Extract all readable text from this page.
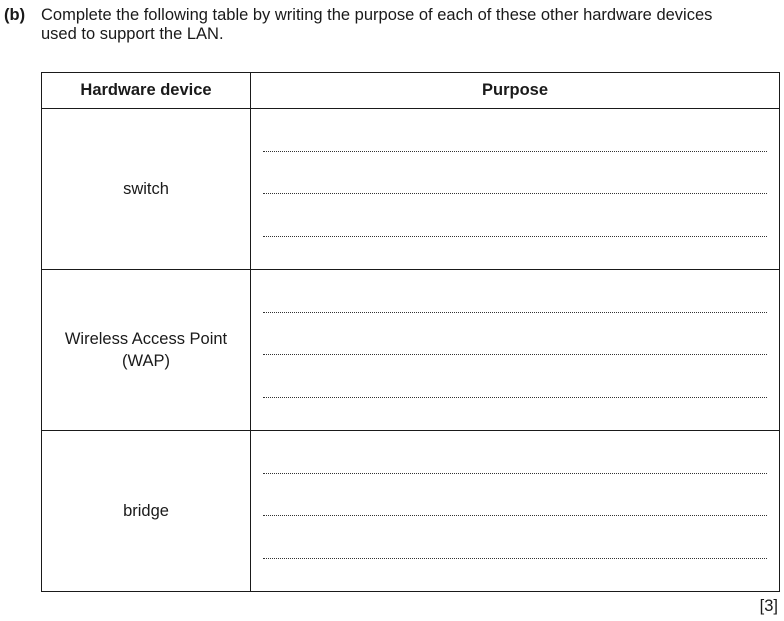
(b) Complete the following table by writing the purpose of each of these other hardware devices
used to support the LAN.
Hardware device	Purpose

switch	

Wireless Access Point
(WAP)	

bridge	

[3]
